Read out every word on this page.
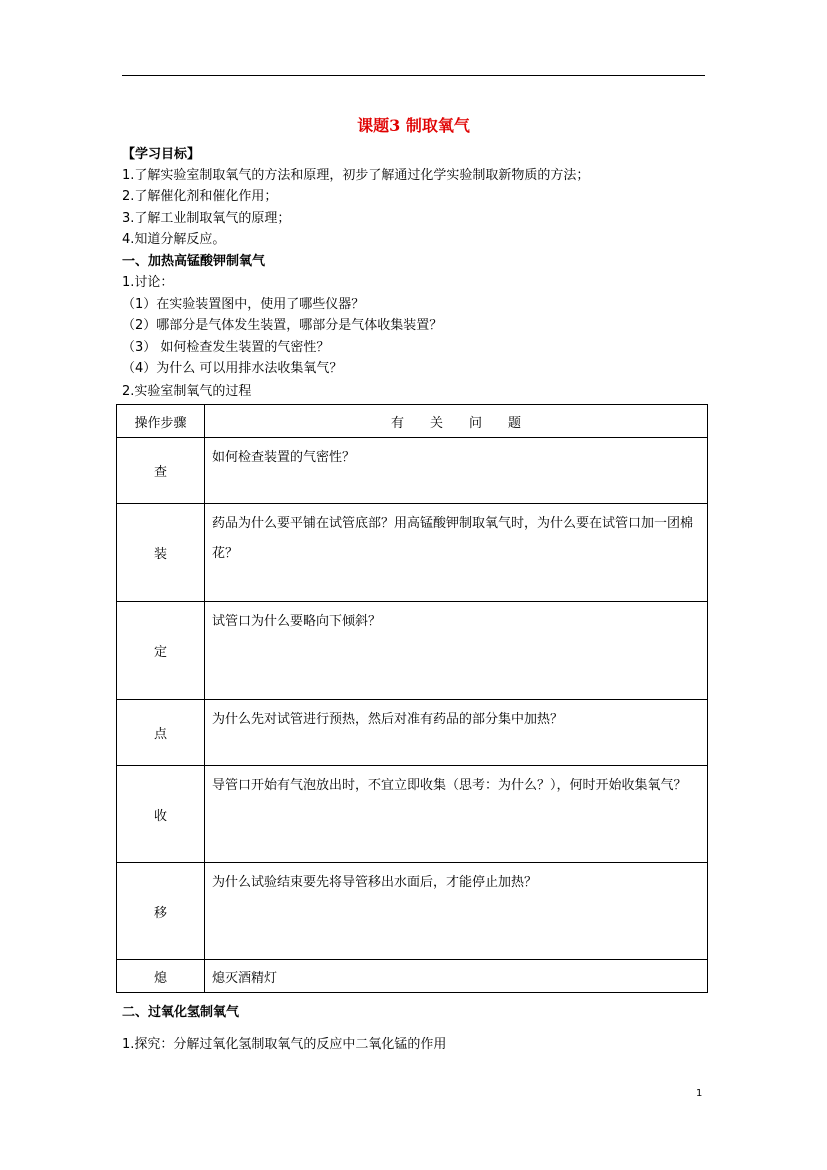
课题3 制取氧气
【学习目标】
1.了解实验室制取氧气的方法和原理，初步了解通过化学实验制取新物质的方法；
2.了解催化剂和催化作用；
3.了解工业制取氧气的原理；
4.知道分解反应。
一、加热高锰酸钾制氧气
1.讨论：
（1）在实验装置图中，使用了哪些仪器？
（2）哪部分是气体发生装置，哪部分是气体收集装置？
（3） 如何检查发生装置的气密性？
（4）为什么 可以用排水法收集氧气？
2.实验室制氧气的过程
操作步骤	有　　关　　问　　题
查	如何检查装置的气密性？
装	药品为什么要平铺在试管底部？用高锰酸钾制取氧气时，为什么要在试管口加一团棉花？
定	试管口为什么要略向下倾斜？
点	为什么先对试管进行预热，然后对准有药品的部分集中加热？
收	导管口开始有气泡放出时，不宜立即收集（思考：为什么？），何时开始收集氧气？
移	为什么试验结束要先将导管移出水面后，才能停止加热？
熄	熄灭酒精灯
二、过氧化氢制氧气
1.探究：分解过氧化氢制取氧气的反应中二氧化锰的作用
1
